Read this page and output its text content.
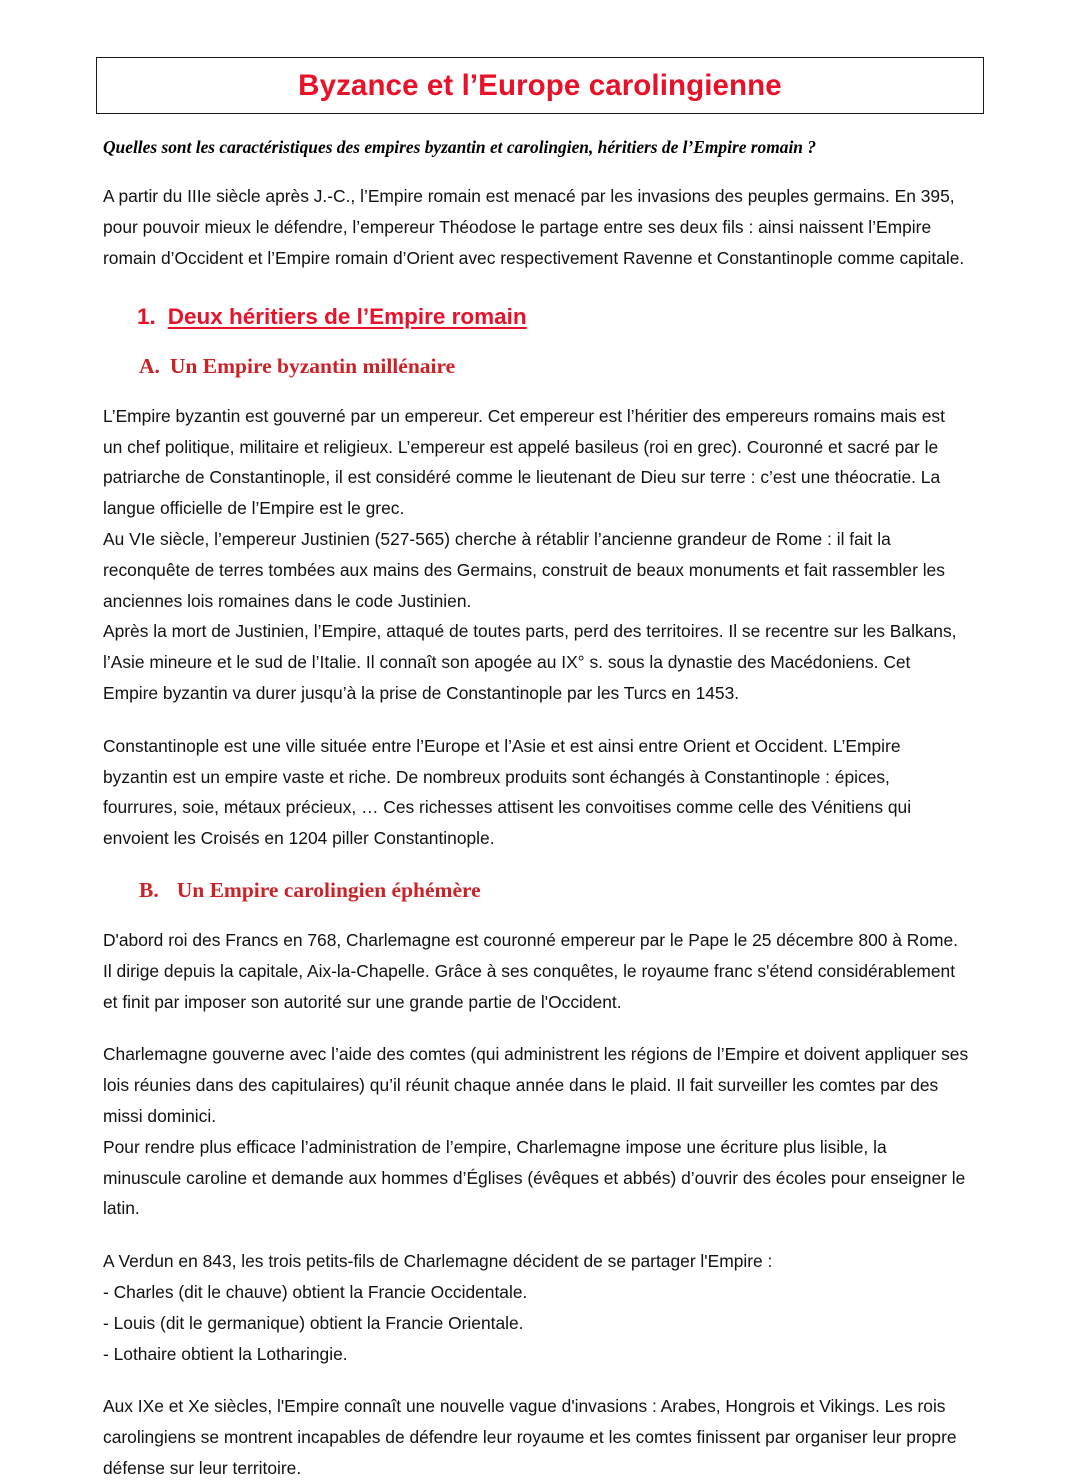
Byzance et l’Europe carolingienne

Quelles sont les caractéristiques des empires byzantin et carolingien, héritiers de l’Empire romain ?

A partir du IIIe siècle après J.-C., l’Empire romain est menacé par les invasions des peuples germains. En 395, pour pouvoir mieux le défendre, l’empereur Théodose le partage entre ses deux fils : ainsi naissent l’Empire romain d’Occident et l’Empire romain d’Orient avec respectivement Ravenne et Constantinople comme capitale.

1. Deux héritiers de l’Empire romain
A. Un Empire byzantin millénaire

L’Empire byzantin est gouverné par un empereur. Cet empereur est l’héritier des empereurs romains mais est un chef politique, militaire et religieux. L’empereur est appelé basileus (roi en grec). Couronné et sacré par le patriarche de Constantinople, il est considéré comme le lieutenant de Dieu sur terre : c’est une théocratie. La langue officielle de l’Empire est le grec.

Au VIe siècle, l’empereur Justinien (527-565) cherche à rétablir l’ancienne grandeur de Rome : il fait la reconquête de terres tombées aux mains des Germains, construit de beaux monuments et fait rassembler les anciennes lois romaines dans le code Justinien.

Après la mort de Justinien, l’Empire, attaqué de toutes parts, perd des territoires. Il se recentre sur les Balkans, l’Asie mineure et le sud de l’Italie. Il connaît son apogée au IX° s. sous la dynastie des Macédoniens. Cet Empire byzantin va durer jusqu’à la prise de Constantinople par les Turcs en 1453.

Constantinople est une ville située entre l’Europe et l’Asie et est ainsi entre Orient et Occident. L’Empire byzantin est un empire vaste et riche. De nombreux produits sont échangés à Constantinople : épices, fourrures, soie, métaux précieux, … Ces richesses attisent les convoitises comme celle des Vénitiens qui envoient les Croisés en 1204 piller Constantinople.

B. Un Empire carolingien éphémère

D'abord roi des Francs en 768, Charlemagne est couronné empereur par le Pape le 25 décembre 800 à Rome. Il dirige depuis la capitale, Aix-la-Chapelle. Grâce à ses conquêtes, le royaume franc s'étend considérablement et finit par imposer son autorité sur une grande partie de l'Occident.

Charlemagne gouverne avec l’aide des comtes (qui administrent les régions de l’Empire et doivent appliquer ses lois réunies dans des capitulaires) qu’il réunit chaque année dans le plaid. Il fait surveiller les comtes par des missi dominici.

Pour rendre plus efficace l’administration de l’empire, Charlemagne impose une écriture plus lisible, la minuscule caroline et demande aux hommes d’Églises (évêques et abbés) d’ouvrir des écoles pour enseigner le latin.

A Verdun en 843, les trois petits-fils de Charlemagne décident de se partager l'Empire :

- Charles (dit le chauve) obtient la Francie Occidentale.

- Louis (dit le germanique) obtient la Francie Orientale.

- Lothaire obtient la Lotharingie.

Aux IXe et Xe siècles, l'Empire connaît une nouvelle vague d'invasions : Arabes, Hongrois et Vikings. Les rois carolingiens se montrent incapables de défendre leur royaume et les comtes finissent par organiser leur propre défense sur leur territoire.
